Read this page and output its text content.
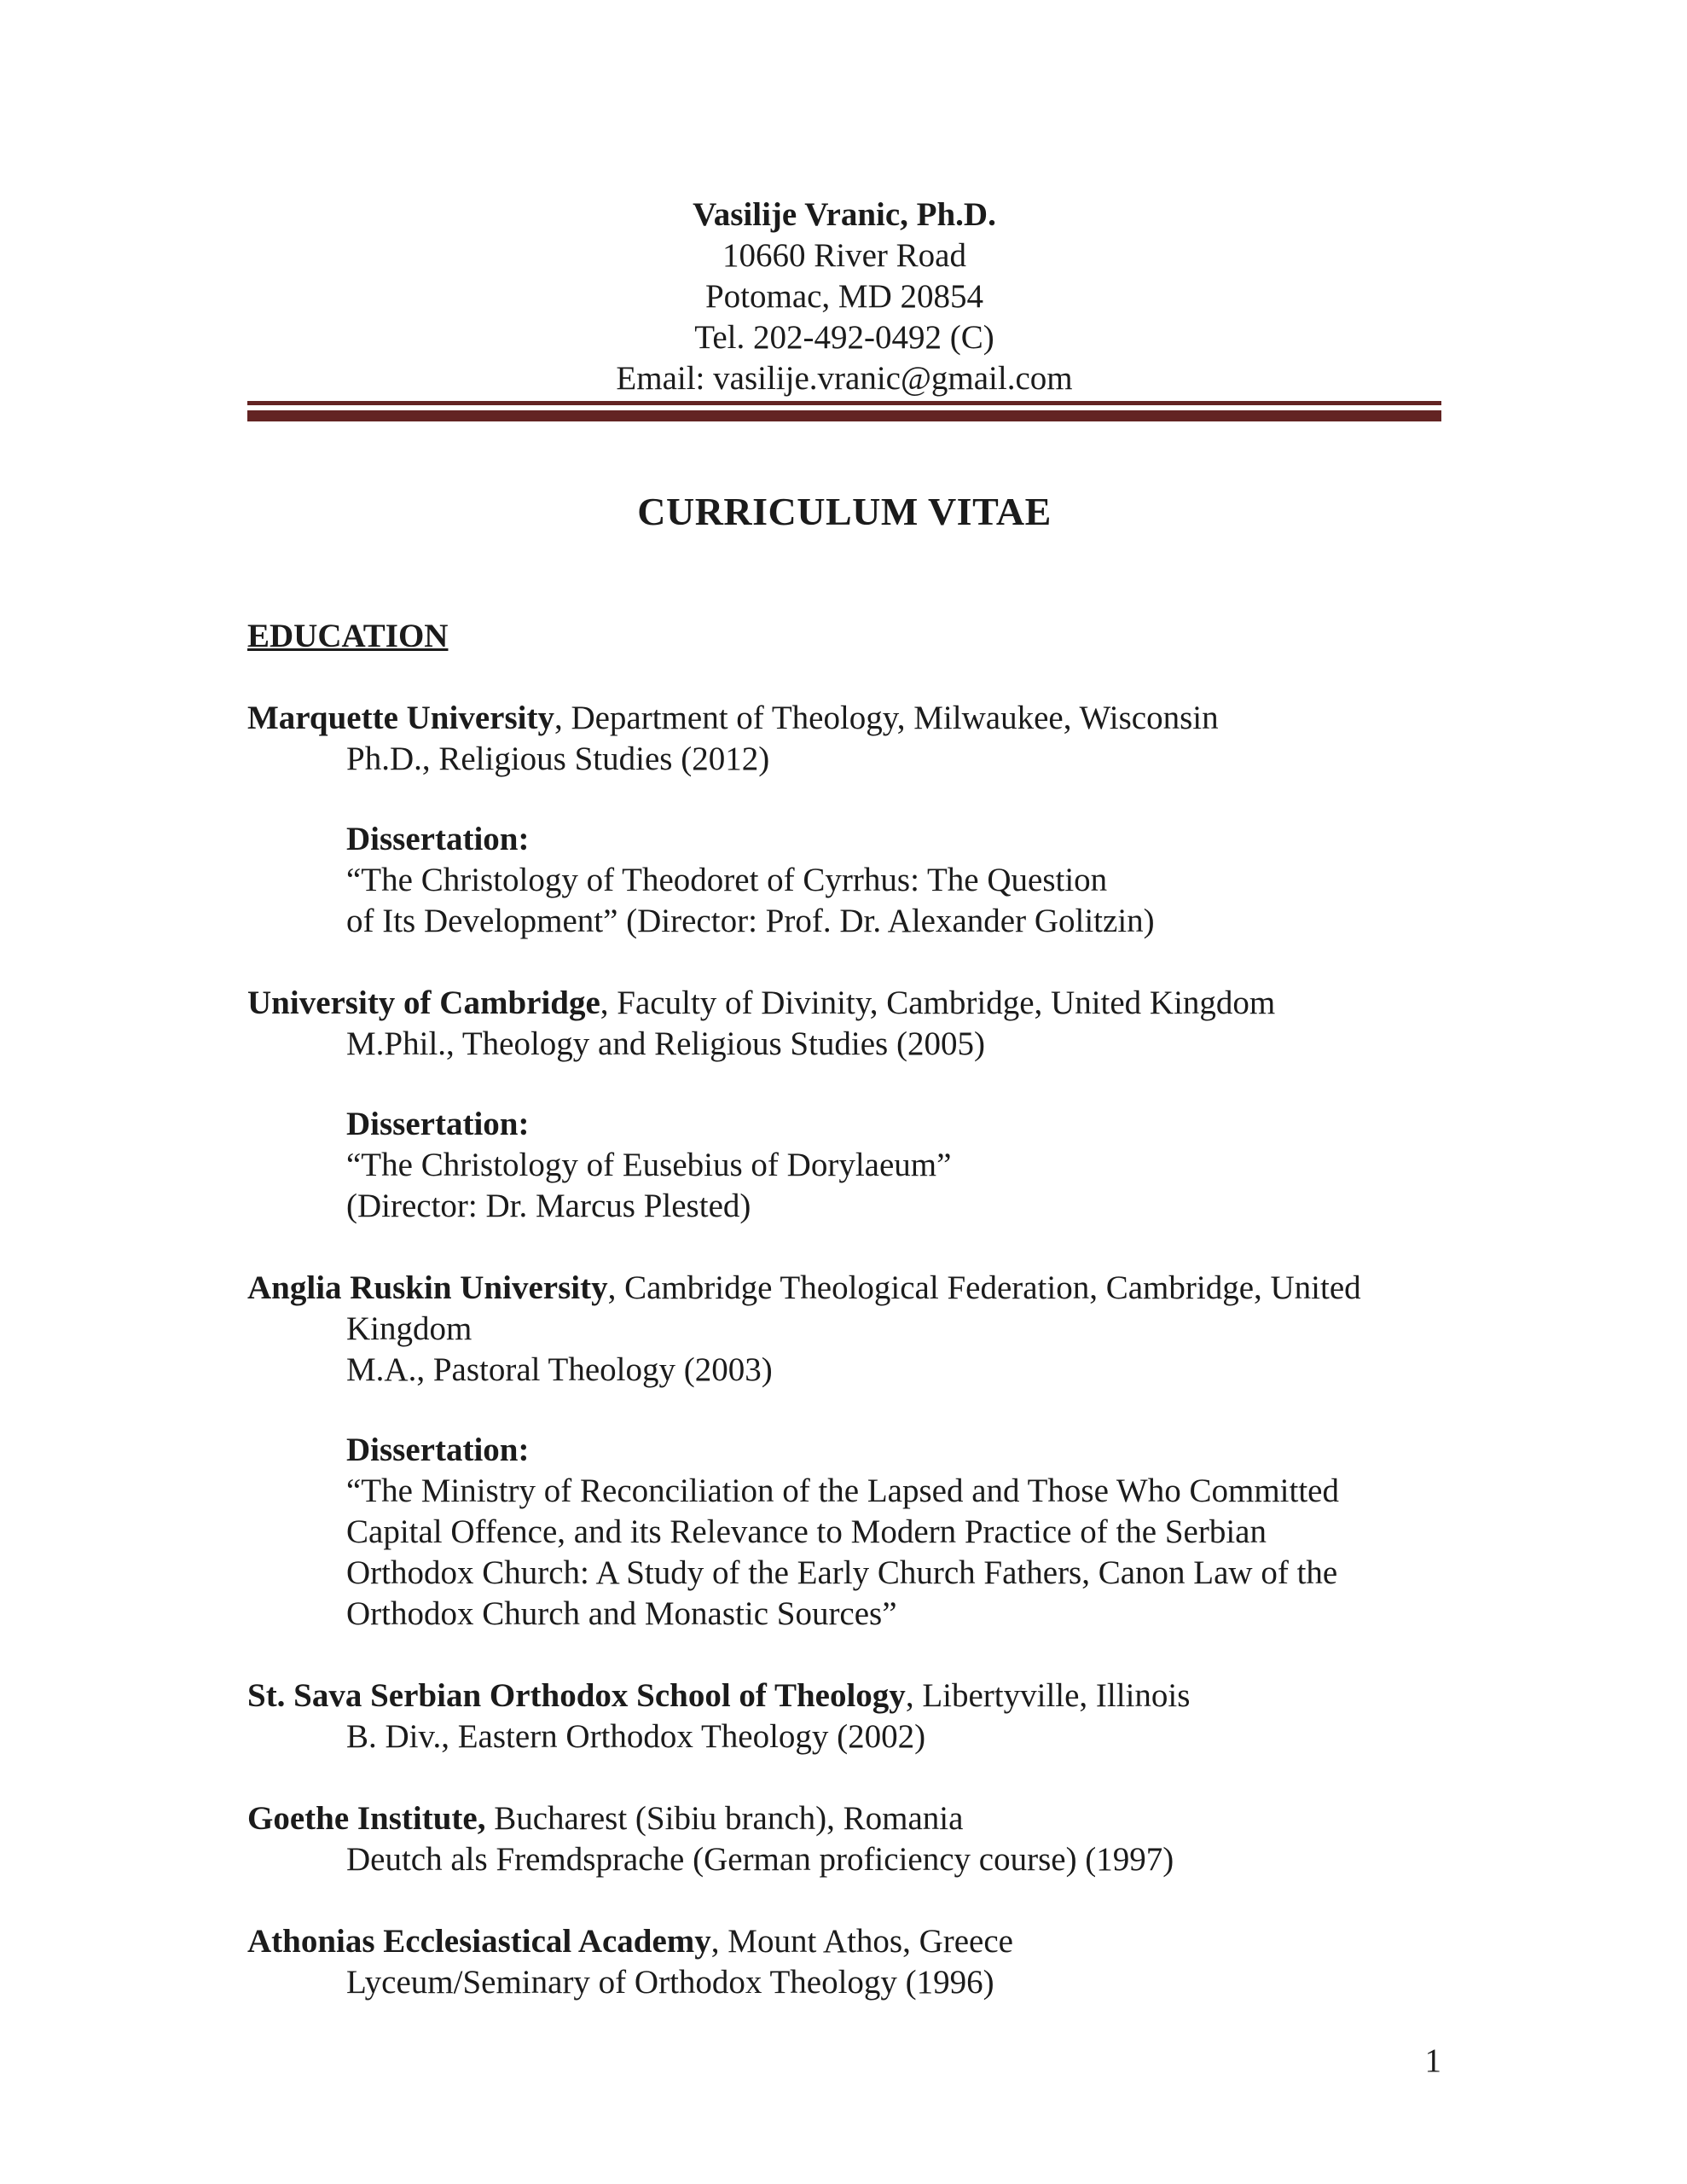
Vasilije Vranic, Ph.D.
10660 River Road
Potomac, MD 20854
Tel. 202-492-0492 (C)
Email: vasilije.vranic@gmail.com
CURRICULUM VITAE
EDUCATION
Marquette University, Department of Theology, Milwaukee, Wisconsin
Ph.D., Religious Studies (2012)
Dissertation:
“The Christology of Theodoret of Cyrrhus: The Question
of Its Development” (Director: Prof. Dr. Alexander Golitzin)
University of Cambridge, Faculty of Divinity, Cambridge, United Kingdom
M.Phil., Theology and Religious Studies (2005)
Dissertation:
“The Christology of Eusebius of Dorylaeum”
(Director: Dr. Marcus Plested)
Anglia Ruskin University, Cambridge Theological Federation, Cambridge, United
Kingdom
M.A., Pastoral Theology (2003)
Dissertation:
“The Ministry of Reconciliation of the Lapsed and Those Who Committed
Capital Offence, and its Relevance to Modern Practice of the Serbian
Orthodox Church: A Study of the Early Church Fathers, Canon Law of the
Orthodox Church and Monastic Sources”
St. Sava Serbian Orthodox School of Theology, Libertyville, Illinois
B. Div., Eastern Orthodox Theology (2002)
Goethe Institute, Bucharest (Sibiu branch), Romania
Deutch als Fremdsprache (German proficiency course) (1997)
Athonias Ecclesiastical Academy, Mount Athos, Greece
Lyceum/Seminary of Orthodox Theology (1996)
1
